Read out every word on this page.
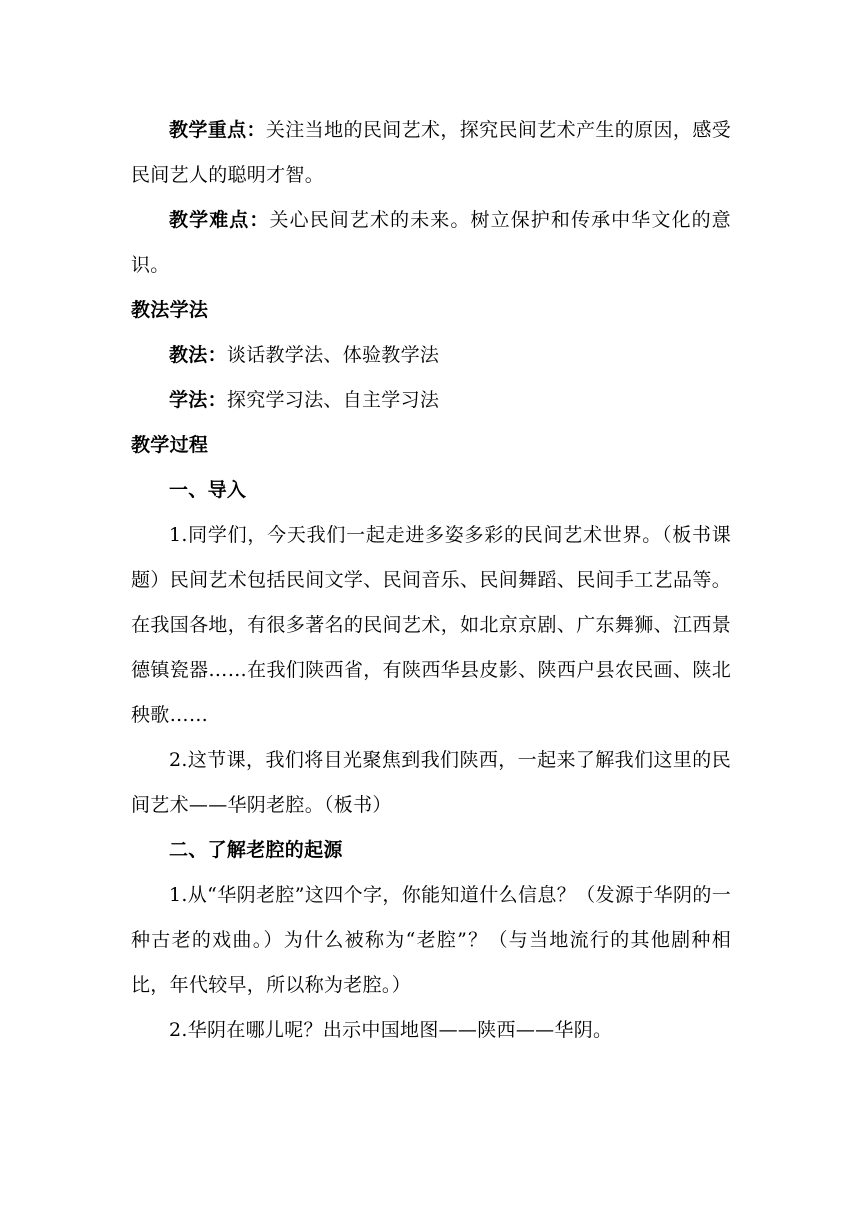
教学重点：关注当地的民间艺术，探究民间艺术产生的原因，感受民间艺人的聪明才智。

教学难点：关心民间艺术的未来。树立保护和传承中华文化的意识。

教法学法

教法：谈话教学法、体验教学法

学法：探究学习法、自主学习法

教学过程

一、导入

1.同学们，今天我们一起走进多姿多彩的民间艺术世界。（板书课题）民间艺术包括民间文学、民间音乐、民间舞蹈、民间手工艺品等。在我国各地，有很多著名的民间艺术，如北京京剧、广东舞狮、江西景德镇瓷器……在我们陕西省，有陕西华县皮影、陕西户县农民画、陕北秧歌……

2.这节课，我们将目光聚焦到我们陕西，一起来了解我们这里的民间艺术——华阴老腔。（板书）

二、了解老腔的起源

1.从“华阴老腔”这四个字，你能知道什么信息？（发源于华阴的一种古老的戏曲。）为什么被称为“老腔”？（与当地流行的其他剧种相比，年代较早，所以称为老腔。）

2.华阴在哪儿呢？出示中国地图——陕西——华阴。
